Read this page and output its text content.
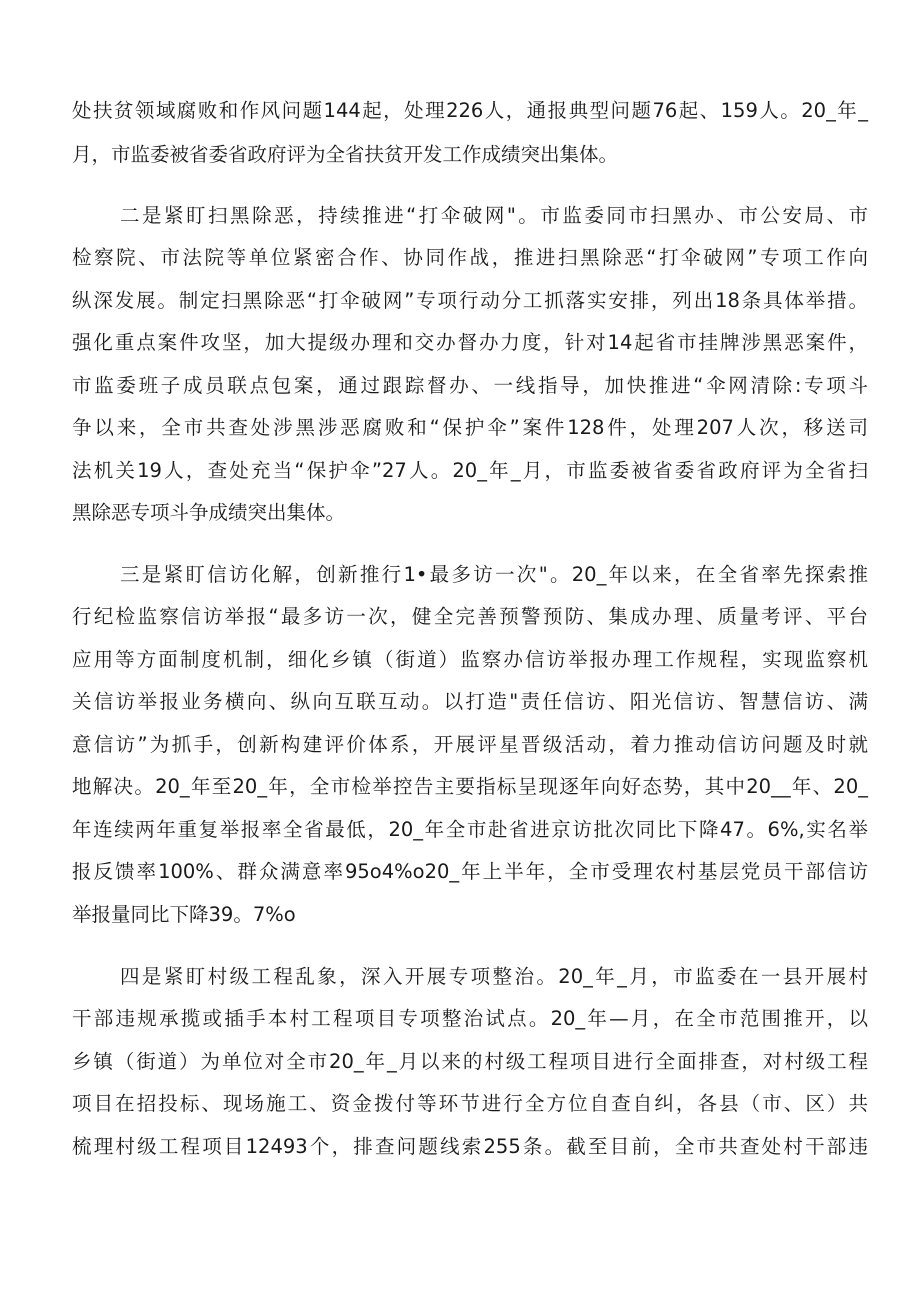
处扶贫领域腐败和作风问题144起，处理226人，通报典型问题76起、159人。20_年_
月，市监委被省委省政府评为全省扶贫开发工作成绩突出集体。
二是紧盯扫黑除恶，持续推进“打伞破网"。市监委同市扫黑办、市公安局、市
检察院、市法院等单位紧密合作、协同作战，推进扫黑除恶“打伞破网”专项工作向
纵深发展。制定扫黑除恶“打伞破网”专项行动分工抓落实安排，列出18条具体举措。
强化重点案件攻坚，加大提级办理和交办督办力度，针对14起省市挂牌涉黑恶案件，
市监委班子成员联点包案，通过跟踪督办、一线指导，加快推进“伞网清除:专项斗
争以来，全市共查处涉黑涉恶腐败和“保护伞”案件128件，处理207人次，移送司
法机关19人，查处充当“保护伞”27人。20_年_月，市监委被省委省政府评为全省扫
黑除恶专项斗争成绩突出集体。
三是紧盯信访化解，创新推行1•最多访一次"。20_年以来，在全省率先探索推
行纪检监察信访举报“最多访一次，健全完善预警预防、集成办理、质量考评、平台
应用等方面制度机制，细化乡镇（街道）监察办信访举报办理工作规程，实现监察机
关信访举报业务横向、纵向互联互动。以打造"责任信访、阳光信访、智慧信访、满
意信访”为抓手，创新构建评价体系，开展评星晋级活动，着力推动信访问题及时就
地解决。20_年至20_年，全市检举控告主要指标呈现逐年向好态势，其中20__年、20_
年连续两年重复举报率全省最低，20_年全市赴省进京访批次同比下降47。6%,实名举
报反馈率100%、群众满意率95o4%o20_年上半年，全市受理农村基层党员干部信访
举报量同比下降39。7%o
四是紧盯村级工程乱象，深入开展专项整治。20_年_月，市监委在一县开展村
干部违规承揽或插手本村工程项目专项整治试点。20_年—月，在全市范围推开，以
乡镇（街道）为单位对全市20_年_月以来的村级工程项目进行全面排查，对村级工程
项目在招投标、现场施工、资金拨付等环节进行全方位自查自纠，各县（市、区）共
梳理村级工程项目12493个，排查问题线索255条。截至目前，全市共查处村干部违
